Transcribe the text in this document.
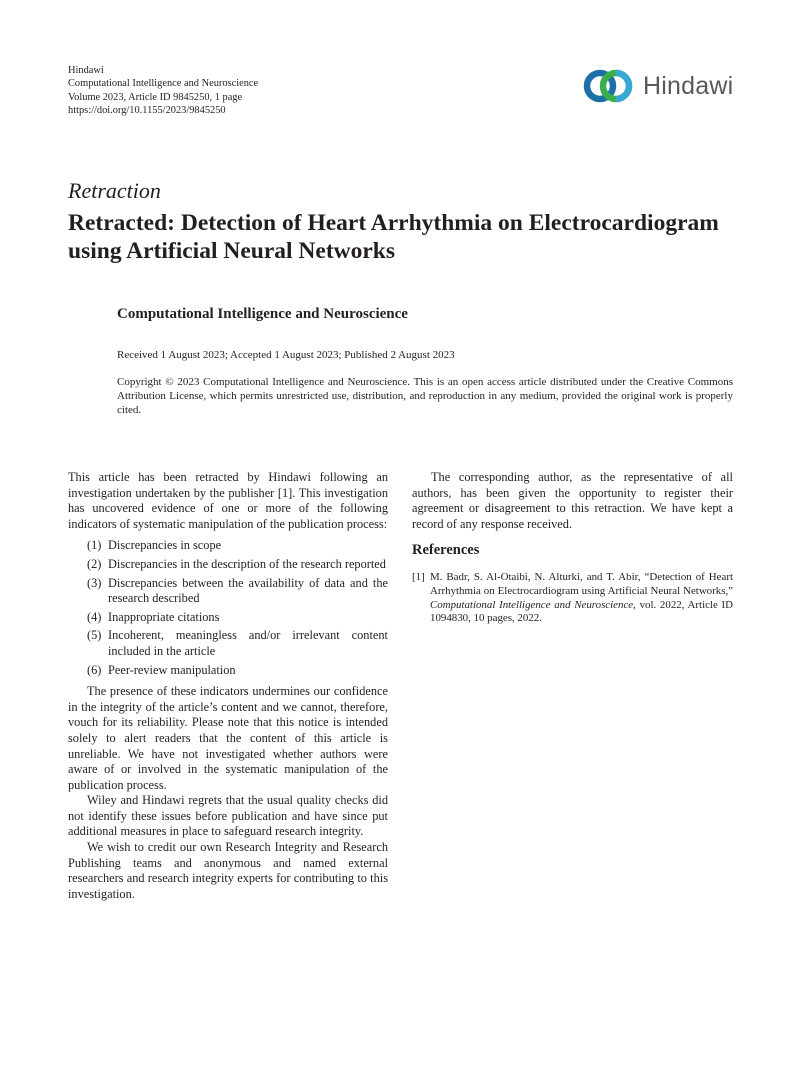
Hindawi
Computational Intelligence and Neuroscience
Volume 2023, Article ID 9845250, 1 page
https://doi.org/10.1155/2023/9845250
Hindawi
Retraction
Retracted: Detection of Heart Arrhythmia on Electrocardiogram using Artificial Neural Networks
Computational Intelligence and Neuroscience
Received 1 August 2023; Accepted 1 August 2023; Published 2 August 2023

Copyright © 2023 Computational Intelligence and Neuroscience. This is an open access article distributed under the Creative Commons Attribution License, which permits unrestricted use, distribution, and reproduction in any medium, provided the original work is properly cited.

This article has been retracted by Hindawi following an investigation undertaken by the publisher [1]. This investigation has uncovered evidence of one or more of the following indicators of systematic manipulation of the publication process:

(1) Discrepancies in scope
(2) Discrepancies in the description of the research reported
(3) Discrepancies between the availability of data and the research described
(4) Inappropriate citations
(5) Incoherent, meaningless and/or irrelevant content included in the article
(6) Peer-review manipulation

The presence of these indicators undermines our confidence in the integrity of the article’s content and we cannot, therefore, vouch for its reliability. Please note that this notice is intended solely to alert readers that the content of this article is unreliable. We have not investigated whether authors were aware of or involved in the systematic manipulation of the publication process.

Wiley and Hindawi regrets that the usual quality checks did not identify these issues before publication and have since put additional measures in place to safeguard research integrity.

We wish to credit our own Research Integrity and Research Publishing teams and anonymous and named external researchers and research integrity experts for contributing to this investigation.

The corresponding author, as the representative of all authors, has been given the opportunity to register their agreement or disagreement to this retraction. We have kept a record of any response received.

References
[1] M. Badr, S. Al-Otaibi, N. Alturki, and T. Abir, “Detection of Heart Arrhythmia on Electrocardiogram using Artificial Neural Networks,” Computational Intelligence and Neuroscience, vol. 2022, Article ID 1094830, 10 pages, 2022.
